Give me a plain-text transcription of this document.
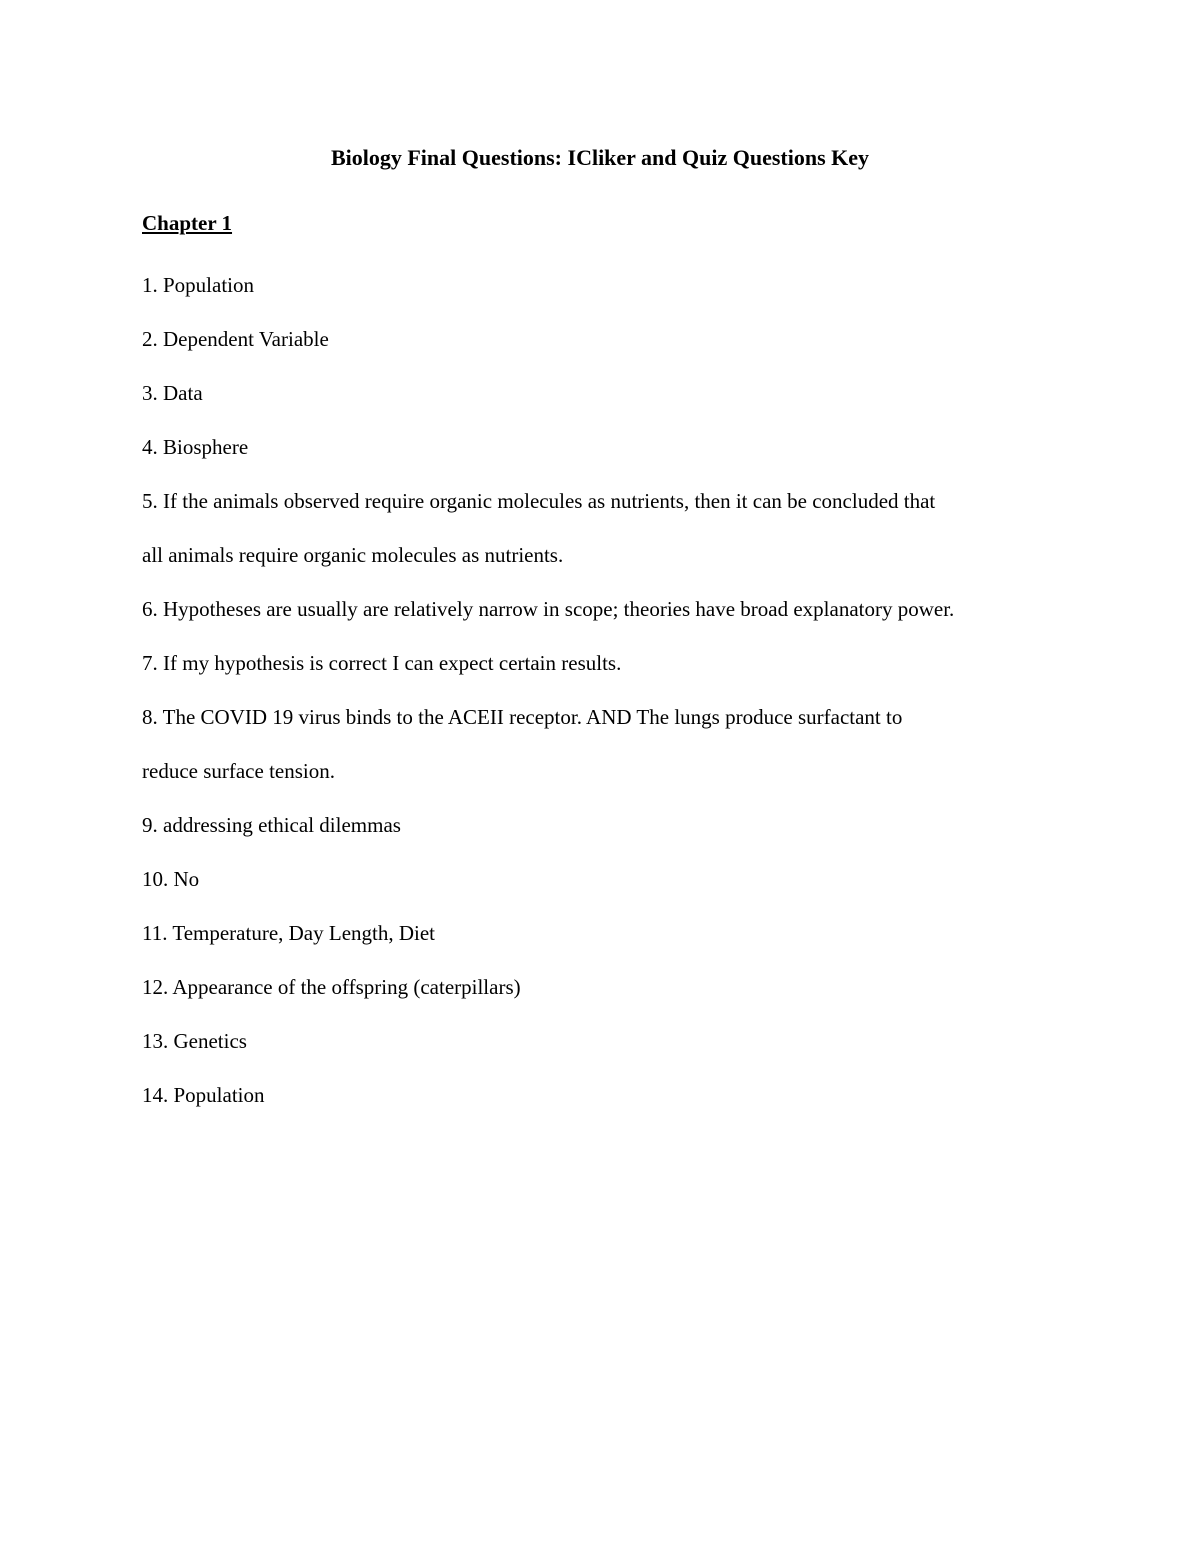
Biology Final Questions: ICliker and Quiz Questions Key
Chapter 1
1. Population
2. Dependent Variable
3. Data
4. Biosphere
5. If the animals observed require organic molecules as nutrients, then it can be concluded that
all animals require organic molecules as nutrients.
6. Hypotheses are usually are relatively narrow in scope; theories have broad explanatory power.
7. If my hypothesis is correct I can expect certain results.
8. The COVID 19 virus binds to the ACEII receptor. AND The lungs produce surfactant to
reduce surface tension.
9. addressing ethical dilemmas
10. No
11. Temperature, Day Length, Diet
12. Appearance of the offspring (caterpillars)
13. Genetics
14. Population
